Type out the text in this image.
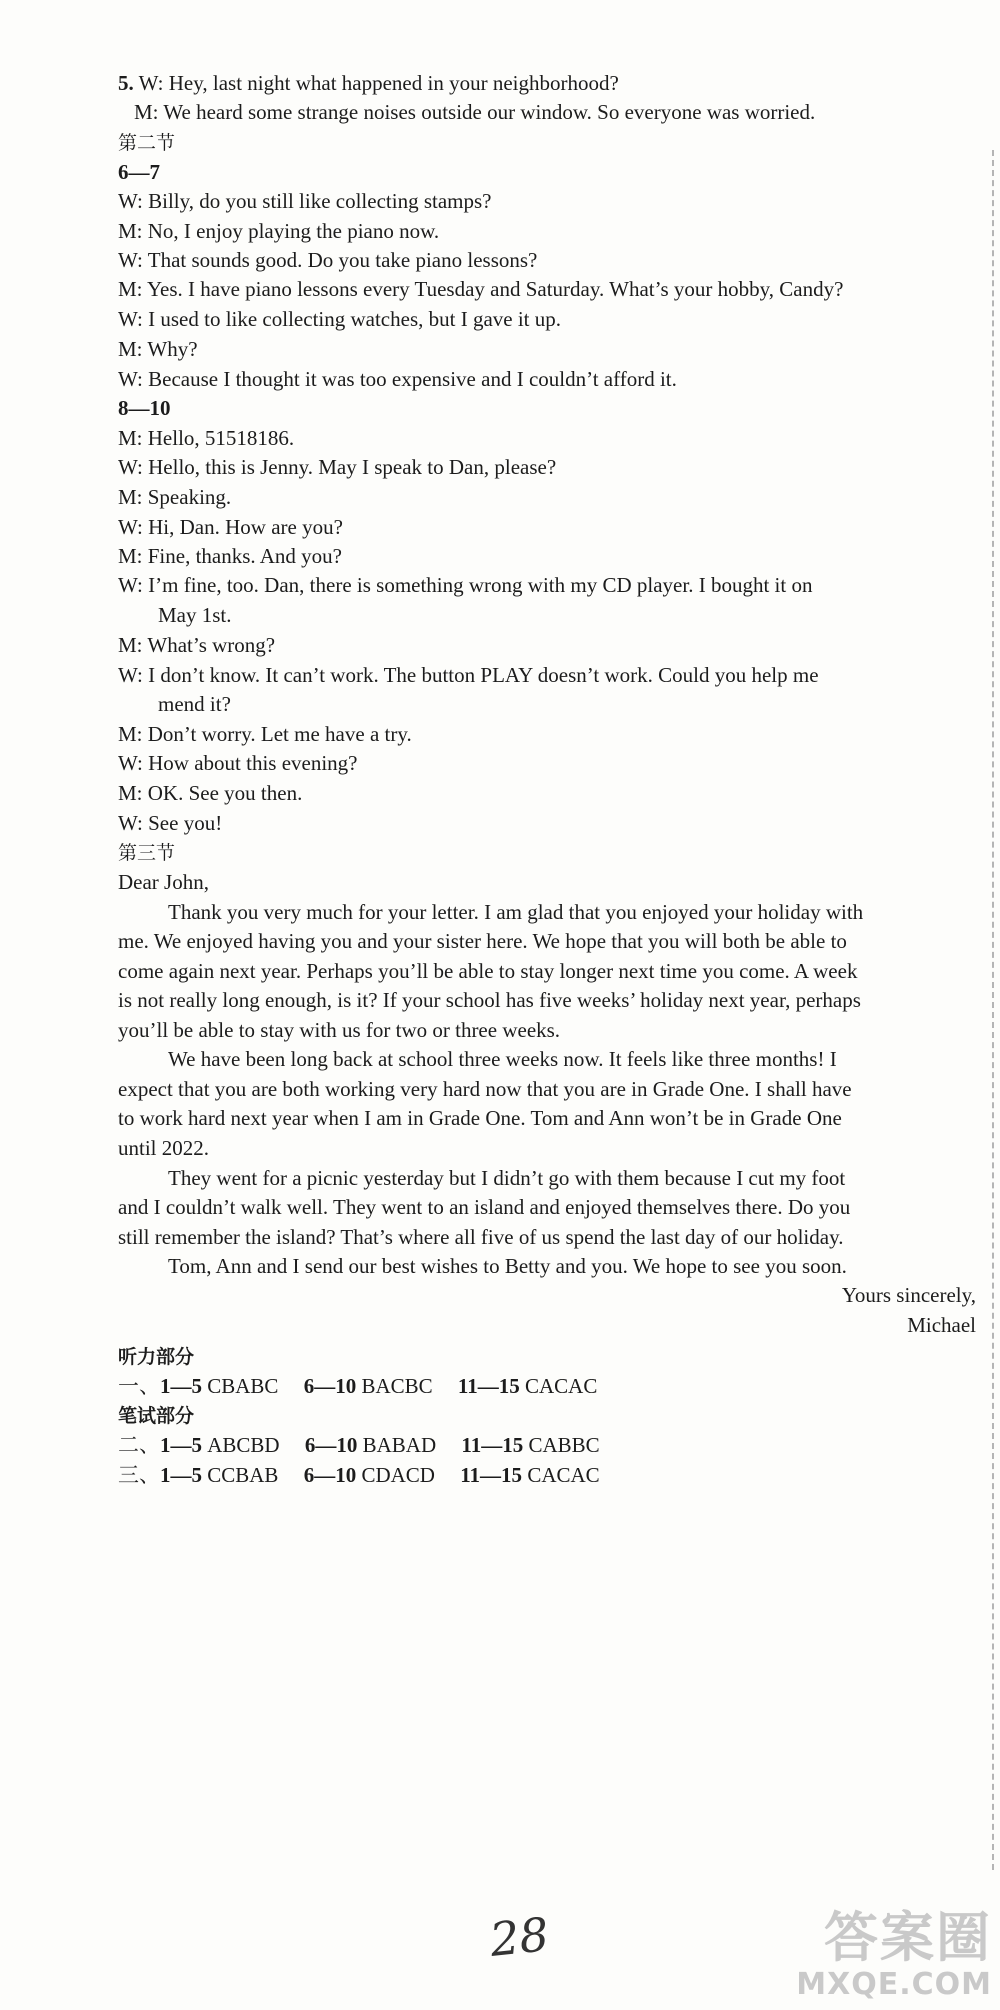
5. W: Hey, last night what happened in your neighborhood?
M: We heard some strange noises outside our window. So everyone was worried.
第二节
6—7
W: Billy, do you still like collecting stamps?
M: No, I enjoy playing the piano now.
W: That sounds good. Do you take piano lessons?
M: Yes. I have piano lessons every Tuesday and Saturday. What’s your hobby, Candy?
W: I used to like collecting watches, but I gave it up.
M: Why?
W: Because I thought it was too expensive and I couldn’t afford it.
8—10
M: Hello, 51518186.
W: Hello, this is Jenny. May I speak to Dan, please?
M: Speaking.
W: Hi, Dan. How are you?
M: Fine, thanks. And you?
W: I’m fine, too. Dan, there is something wrong with my CD player. I bought it on
May 1st.
M: What’s wrong?
W: I don’t know. It can’t work. The button PLAY doesn’t work. Could you help me
mend it?
M: Don’t worry. Let me have a try.
W: How about this evening?
M: OK. See you then.
W: See you!
第三节
Dear John,
Thank you very much for your letter. I am glad that you enjoyed your holiday with
me. We enjoyed having you and your sister here. We hope that you will both be able to
come again next year. Perhaps you’ll be able to stay longer next time you come. A week
is not really long enough, is it? If your school has five weeks’ holiday next year, perhaps
you’ll be able to stay with us for two or three weeks.
We have been long back at school three weeks now. It feels like three months! I
expect that you are both working very hard now that you are in Grade One. I shall have
to work hard next year when I am in Grade One. Tom and Ann won’t be in Grade One
until 2022.
They went for a picnic yesterday but I didn’t go with them because I cut my foot
and I couldn’t walk well. They went to an island and enjoyed themselves there. Do you
still remember the island? That’s where all five of us spend the last day of our holiday.
Tom, Ann and I send our best wishes to Betty and you. We hope to see you soon.
Yours sincerely,
Michael
听力部分
一、1—5 CBABC 6—10 BACBC 11—15 CACAC
笔试部分
二、1—5 ABCBD 6—10 BABAD 11—15 CABBC
三、1—5 CCBAB 6—10 CDACD 11—15 CACAC
28	答案圈
MXQE.COM
